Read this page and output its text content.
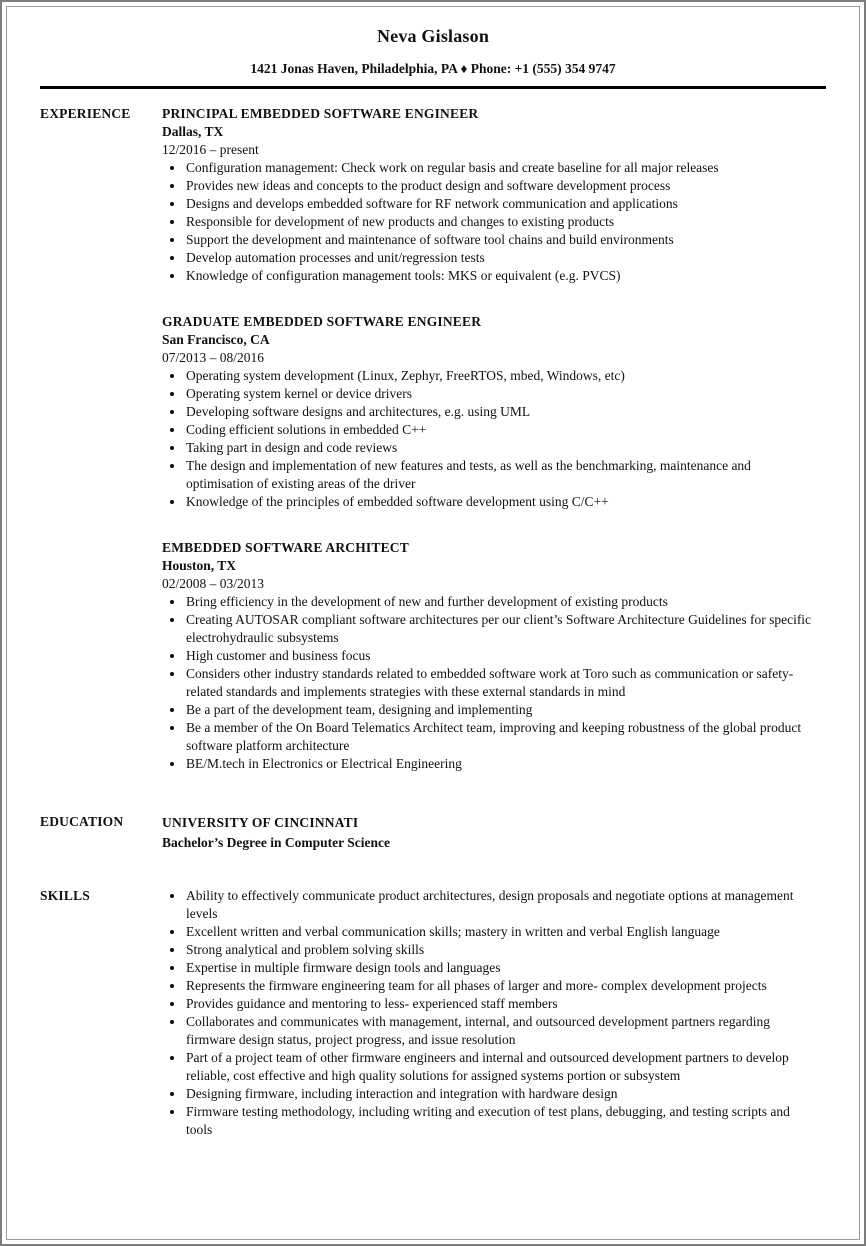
Neva Gislason
1421 Jonas Haven, Philadelphia, PA ♦ Phone: +1 (555) 354 9747
EXPERIENCE	PRINCIPAL EMBEDDED SOFTWARE ENGINEER
Dallas, TX
12/2016 – present
• Configuration management: Check work on regular basis and create baseline for all major releases
• Provides new ideas and concepts to the product design and software development process
• Designs and develops embedded software for RF network communication and applications
• Responsible for development of new products and changes to existing products
• Support the development and maintenance of software tool chains and build environments
• Develop automation processes and unit/regression tests
• Knowledge of configuration management tools: MKS or equivalent (e.g. PVCS)
GRADUATE EMBEDDED SOFTWARE ENGINEER
San Francisco, CA
07/2013 – 08/2016
• Operating system development (Linux, Zephyr, FreeRTOS, mbed, Windows, etc)
• Operating system kernel or device drivers
• Developing software designs and architectures, e.g. using UML
• Coding efficient solutions in embedded C++
• Taking part in design and code reviews
• The design and implementation of new features and tests, as well as the benchmarking, maintenance and optimisation of existing areas of the driver
• Knowledge of the principles of embedded software development using C/C++
EMBEDDED SOFTWARE ARCHITECT
Houston, TX
02/2008 – 03/2013
• Bring efficiency in the development of new and further development of existing products
• Creating AUTOSAR compliant software architectures per our client’s Software Architecture Guidelines for specific electrohydraulic subsystems
• High customer and business focus
• Considers other industry standards related to embedded software work at Toro such as communication or safety-related standards and implements strategies with these external standards in mind
• Be a part of the development team, designing and implementing
• Be a member of the On Board Telematics Architect team, improving and keeping robustness of the global product software platform architecture
• BE/M.tech in Electronics or Electrical Engineering
EDUCATION	UNIVERSITY OF CINCINNATI
Bachelor’s Degree in Computer Science
SKILLS	• Ability to effectively communicate product architectures, design proposals and negotiate options at management levels
• Excellent written and verbal communication skills; mastery in written and verbal English language
• Strong analytical and problem solving skills
• Expertise in multiple firmware design tools and languages
• Represents the firmware engineering team for all phases of larger and more- complex development projects
• Provides guidance and mentoring to less- experienced staff members
• Collaborates and communicates with management, internal, and outsourced development partners regarding firmware design status, project progress, and issue resolution
• Part of a project team of other firmware engineers and internal and outsourced development partners to develop reliable, cost effective and high quality solutions for assigned systems portion or subsystem
• Designing firmware, including interaction and integration with hardware design
• Firmware testing methodology, including writing and execution of test plans, debugging, and testing scripts and tools
